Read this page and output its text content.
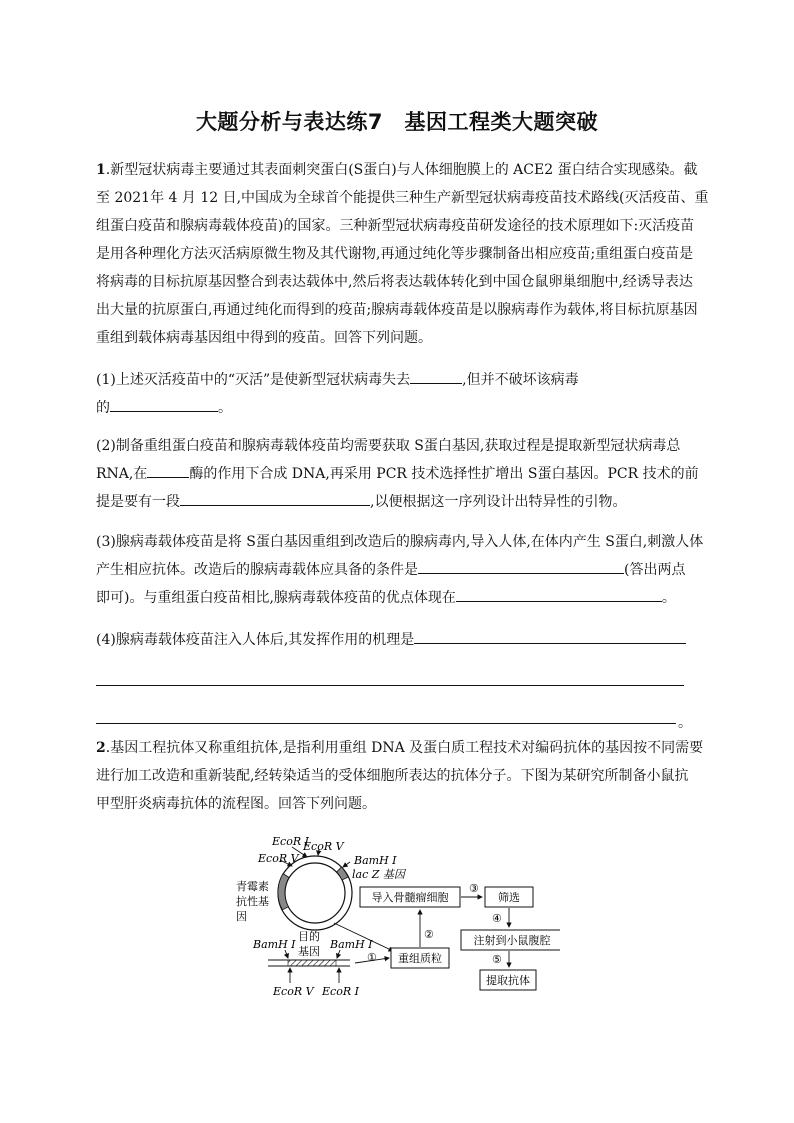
大题分析与表达练7　基因工程类大题突破
1.新型冠状病毒主要通过其表面刺突蛋白(S蛋白)与人体细胞膜上的 ACE2 蛋白结合实现感染。截
至 2021年 4 月 12 日,中国成为全球首个能提供三种生产新型冠状病毒疫苗技术路线(灭活疫苗、重
组蛋白疫苗和腺病毒载体疫苗)的国家。三种新型冠状病毒疫苗研发途径的技术原理如下:灭活疫苗
是用各种理化方法灭活病原微生物及其代谢物,再通过纯化等步骤制备出相应疫苗;重组蛋白疫苗是
将病毒的目标抗原基因整合到表达载体中,然后将表达载体转化到中国仓鼠卵巢细胞中,经诱导表达
出大量的抗原蛋白,再通过纯化而得到的疫苗;腺病毒载体疫苗是以腺病毒作为载体,将目标抗原基因
重组到载体病毒基因组中得到的疫苗。回答下列问题。
(1)上述灭活疫苗中的“灭活”是使新型冠状病毒失去	,但并不破坏该病毒
的	。
(2)制备重组蛋白疫苗和腺病毒载体疫苗均需要获取 S蛋白基因,获取过程是提取新型冠状病毒总
RNA,在	酶的作用下合成 DNA,再采用 PCR 技术选择性扩增出 S蛋白基因。PCR 技术的前
提是要有一段	,以便根据这一序列设计出特异性的引物。
(3)腺病毒载体疫苗是将 S蛋白基因重组到改造后的腺病毒内,导入人体,在体内产生 S蛋白,刺激人体
产生相应抗体。改造后的腺病毒载体应具备的条件是	(答出两点
即可)。与重组蛋白疫苗相比,腺病毒载体疫苗的优点体现在	。
(4)腺病毒载体疫苗注入人体后,其发挥作用的机理是
。
2.基因工程抗体又称重组抗体,是指利用重组 DNA 及蛋白质工程技术对编码抗体的基因按不同需要
进行加工改造和重新装配,经转染适当的受体细胞所表达的抗体分子。下图为某研究所制备小鼠抗
甲型肝炎病毒抗体的流程图。回答下列问题。
EcoR Ⅰ
EcoR Ⅴ
EcoR Ⅴ	BamH Ⅰ
lac Z 基因
青霉素
抗性基
因
目的
基因
BamH Ⅰ	BamH Ⅰ
EcoR Ⅴ EcoR Ⅰ
① 重组质粒
导入骨髓瘤细胞	筛选
注射到小鼠腹腔
提取抗体
②
③
④
⑤
